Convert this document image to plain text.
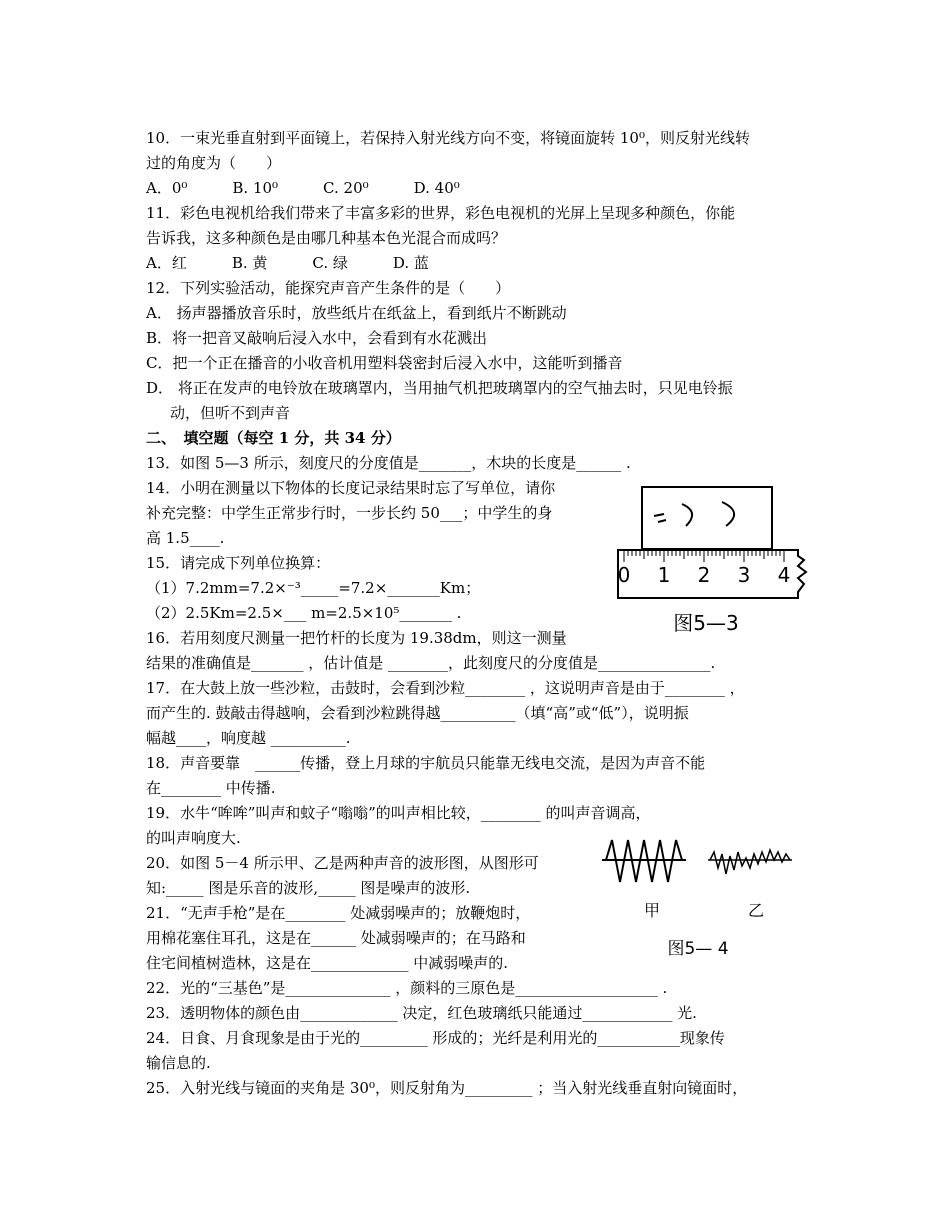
10．一束光垂直射到平面镜上，若保持入射光线方向不变，将镜面旋转 10⁰，则反射光线转
过的角度为（　　）
A．0⁰　　　B. 10⁰　　　C. 20⁰　　　D. 40⁰
11．彩色电视机给我们带来了丰富多彩的世界，彩色电视机的光屏上呈现多种颜色，你能
告诉我，这多种颜色是由哪几种基本色光混合而成吗？
A．红　　　B. 黄　　　C. 绿　　　D. 蓝
12．下列实验活动，能探究声音产生条件的是（　　）
A． 扬声器播放音乐时，放些纸片在纸盆上，看到纸片不断跳动
B．将一把音叉敲响后浸入水中，会看到有水花溅出
C．把一个正在播音的小收音机用塑料袋密封后浸入水中，这能听到播音
D． 将正在发声的电铃放在玻璃罩内，当用抽气机把玻璃罩内的空气抽去时，只见电铃振
动，但听不到声音
二、　填空题（每空 1 分，共 34 分）
13．如图 5—3 所示，刻度尺的分度值是_______，木块的长度是______ .
14．小明在测量以下物体的长度记录结果时忘了写单位，请你
补充完整：中学生正常步行时，一步长约 50___；中学生的身
高 1.5____.
15．请完成下列单位换算：
（1）7.2mm=7.2×⁻³_____=7.2×_______Km；
（2）2.5Km=2.5×___ m=2.5×10⁵_______ .
16．若用刻度尺测量一把竹杆的长度为 19.38dm，则这一测量
结果的准确值是_______ ，估计值是 ________，此刻度尺的分度值是_______________.
17．在大鼓上放一些沙粒，击鼓时，会看到沙粒________ ，这说明声音是由于________ ，
而产生的. 鼓敲击得越响，会看到沙粒跳得越__________（填“高”或“低”），说明振
幅越____，响度越 __________.
18．声音要靠　______传播，登上月球的宇航员只能靠无线电交流，是因为声音不能
在________ 中传播.
19．水牛“哞哞”叫声和蚊子“嗡嗡”的叫声相比较，________ 的叫声音调高，
的叫声响度大.
20．如图 5－4 所示甲、乙是两种声音的波形图，从图形可
知:_____ 图是乐音的波形,_____ 图是噪声的波形.
21．“无声手枪”是在________ 处减弱噪声的；放鞭炮时，
用棉花塞住耳孔，这是在______ 处减弱噪声的；在马路和
住宅间植树造林，这是在_____________ 中减弱噪声的.
22．光的“三基色”是______________ ，颜料的三原色是___________________ .
23．透明物体的颜色由_____________ 决定，红色玻璃纸只能通过____________ 光.
24．日食、月食现象是由于光的_________ 形成的；光纤是利用光的___________现象传
输信息的.
25．入射光线与镜面的夹角是 30⁰，则反射角为_________ ；当入射光线垂直射向镜面时，
0 1 2 3 4
图5—3
甲	乙
图5— 4
